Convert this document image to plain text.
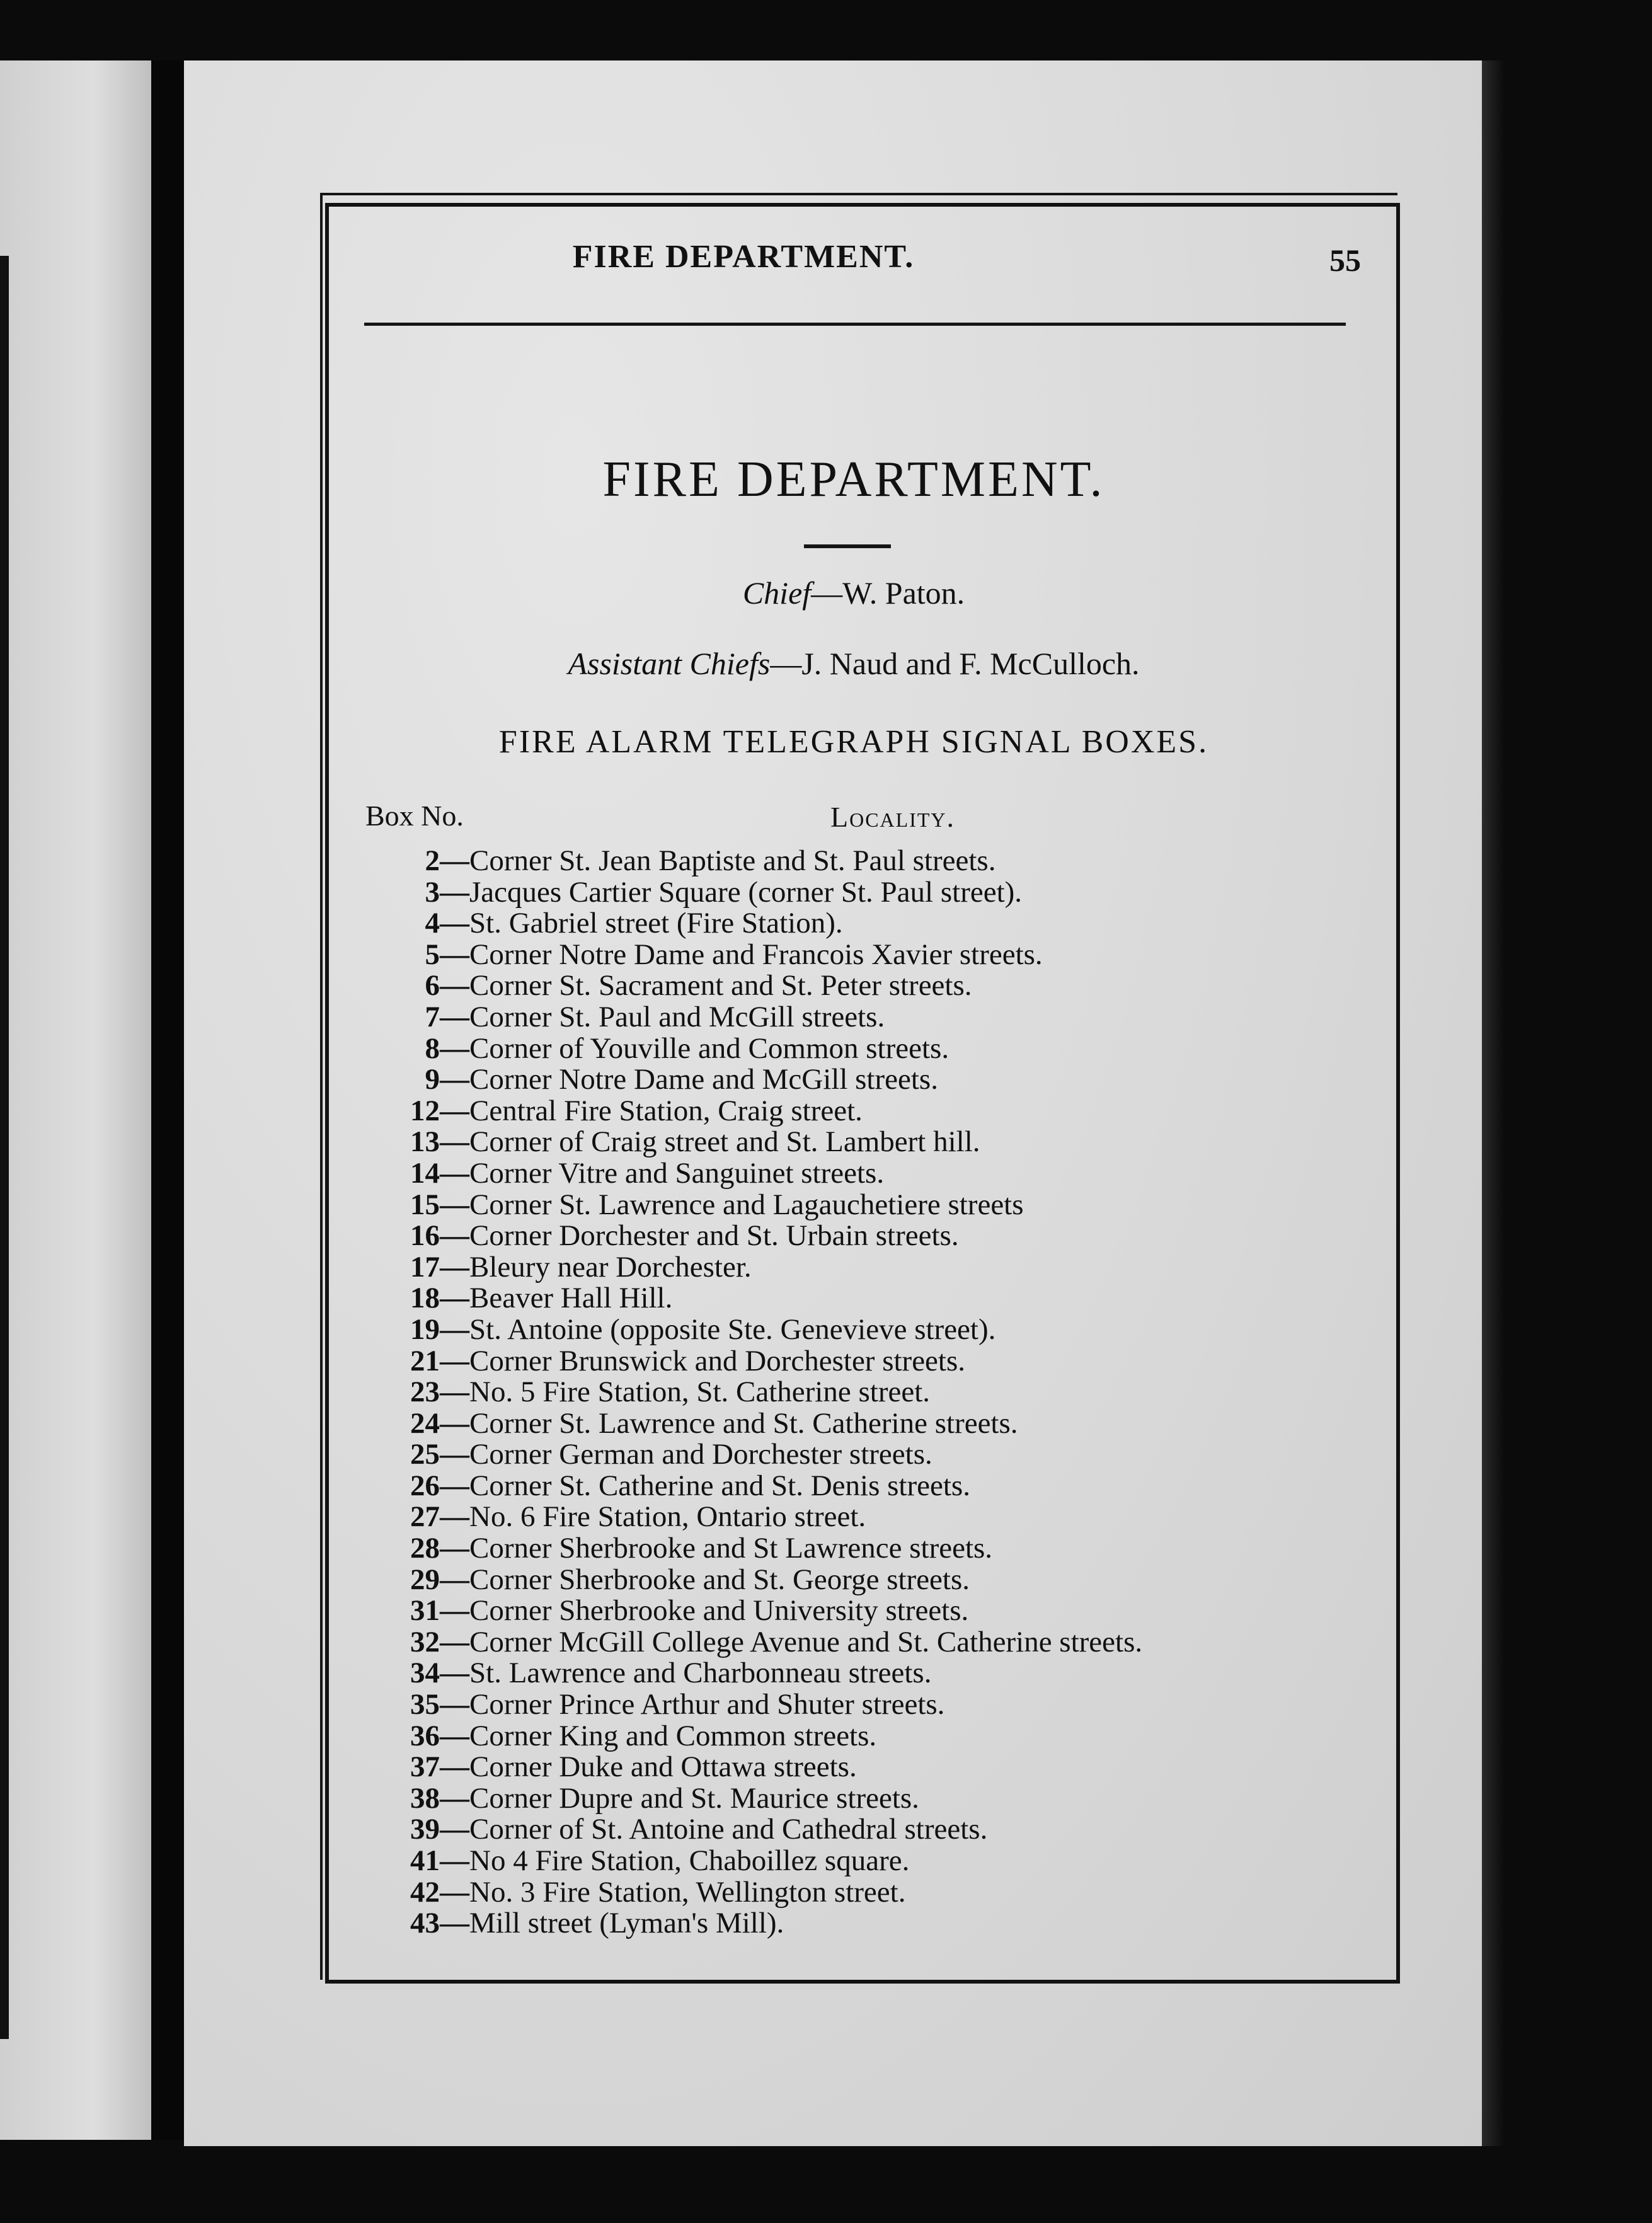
FIRE DEPARTMENT.	55
FIRE DEPARTMENT.
Chief—W. Paton.
Assistant Chiefs—J. Naud and F. McCulloch.
FIRE ALARM TELEGRAPH SIGNAL BOXES.
Box No.	Locality.
2—Corner St. Jean Baptiste and St. Paul streets.
3—Jacques Cartier Square (corner St. Paul street).
4—St. Gabriel street (Fire Station).
5—Corner Notre Dame and Francois Xavier streets.
6—Corner St. Sacrament and St. Peter streets.
7—Corner St. Paul and McGill streets.
8—Corner of Youville and Common streets.
9—Corner Notre Dame and McGill streets.
12—Central Fire Station, Craig street.
13—Corner of Craig street and St. Lambert hill.
14—Corner Vitre and Sanguinet streets.
15—Corner St. Lawrence and Lagauchetiere streets
16—Corner Dorchester and St. Urbain streets.
17—Bleury near Dorchester.
18—Beaver Hall Hill.
19—St. Antoine (opposite Ste. Genevieve street).
21—Corner Brunswick and Dorchester streets.
23—No. 5 Fire Station, St. Catherine street.
24—Corner St. Lawrence and St. Catherine streets.
25—Corner German and Dorchester streets.
26—Corner St. Catherine and St. Denis streets.
27—No. 6 Fire Station, Ontario street.
28—Corner Sherbrooke and St Lawrence streets.
29—Corner Sherbrooke and St. George streets.
31—Corner Sherbrooke and University streets.
32—Corner McGill College Avenue and St. Catherine streets.
34—St. Lawrence and Charbonneau streets.
35—Corner Prince Arthur and Shuter streets.
36—Corner King and Common streets.
37—Corner Duke and Ottawa streets.
38—Corner Dupre and St. Maurice streets.
39—Corner of St. Antoine and Cathedral streets.
41—No 4 Fire Station, Chaboillez square.
42—No. 3 Fire Station, Wellington street.
43—Mill street (Lyman's Mill).
